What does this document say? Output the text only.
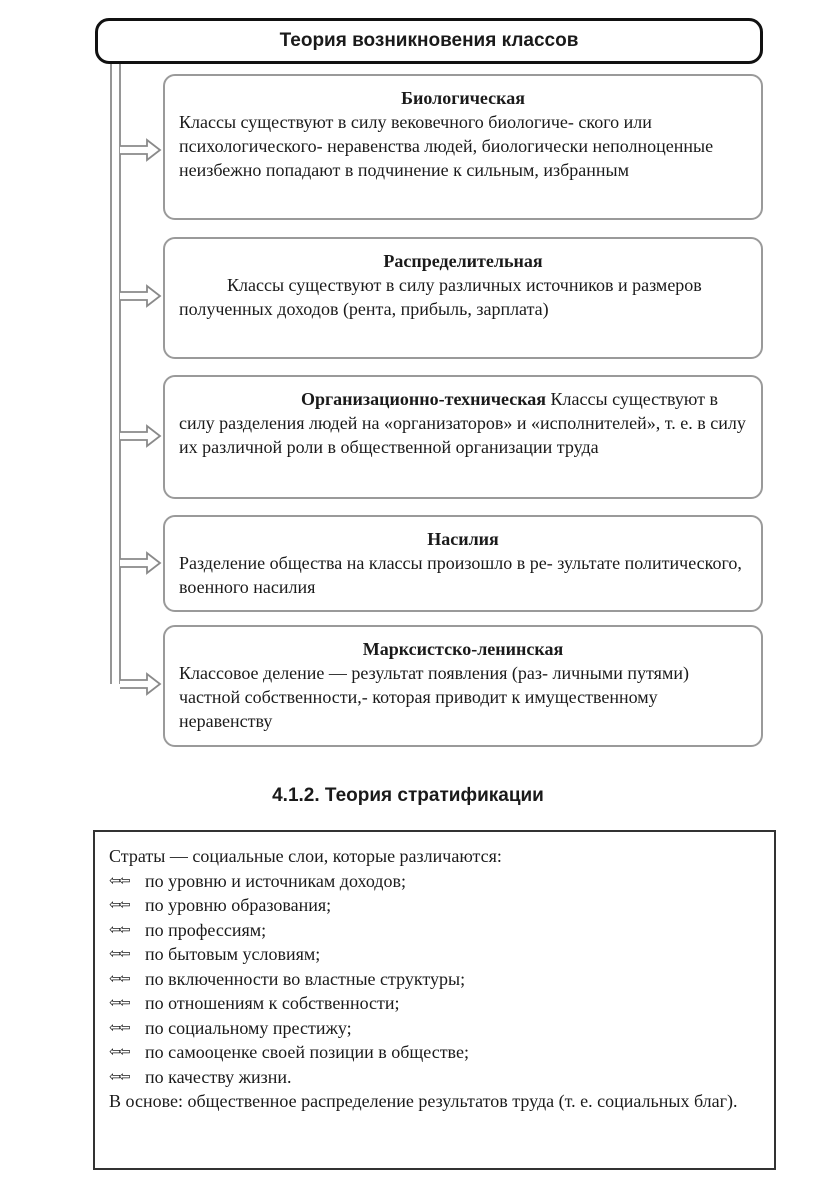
Теория возникновения классов
Биологическая
Классы существуют в силу вековечного биологиче- ского или психологического- неравенства людей, биологически неполноценные неизбежно попадают в подчинение к сильным, избранным
Распределительная
Классы существуют в силу различных источников и размеров полученных доходов (рента, прибыль, зарплата)
Организационно-техническая Классы существуют в силу разделения людей на «организаторов» и «исполнителей», т. е. в силу их различной роли в общественной организации труда
Насилия
Разделение общества на классы произошло в ре- зультате политического, военного насилия
Марксистско-ленинская
Классовое деление — результат появления (раз- личными путями) частной собственности,- которая приводит к имущественному неравенству
4.1.2. Теория стратификации
Страты — социальные слои, которые различаются:
⇦⇦ по уровню и источникам доходов;
⇦⇦ по уровню образования;
⇦⇦ по профессиям;
⇦⇦ по бытовым условиям;
⇦⇦ по включенности во властные структуры;
⇦⇦ по отношениям к собственности;
⇦⇦ по социальному престижу;
⇦⇦ по самооценке своей позиции в обществе;
⇦⇦ по качеству жизни.
В основе: общественное распределение результатов труда (т. е. социальных благ).
